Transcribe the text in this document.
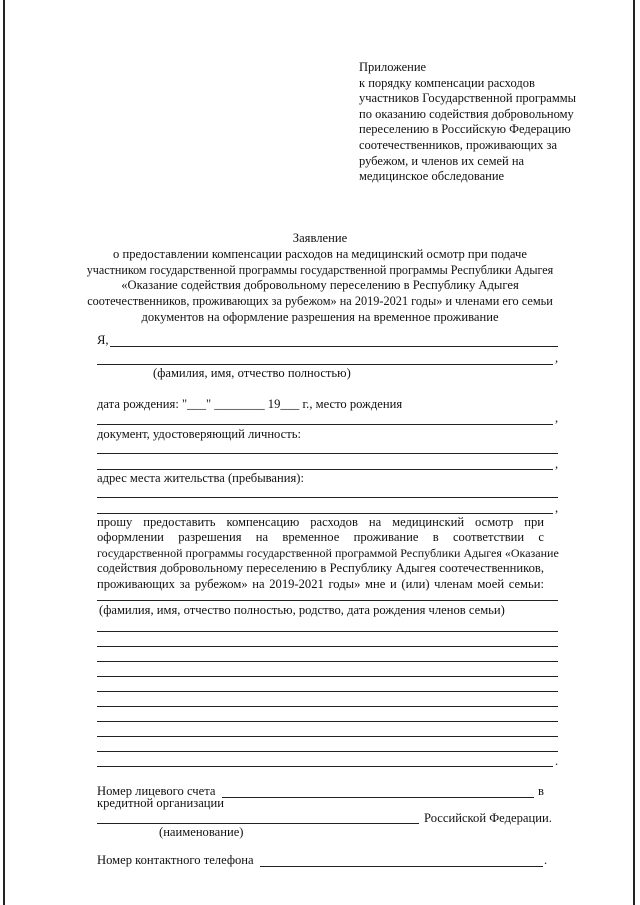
Приложение
к порядку компенсации расходов
участников Государственной программы
по оказанию содействия добровольному
переселению в Российскую Федерацию
соотечественников, проживающих за
рубежом, и членов их семей на
медицинское обследование
Заявление
о предоставлении компенсации расходов на медицинский осмотр при подаче
участником государственной программы государственной программы Республики Адыгея
«Оказание содействия добровольному переселению в Республику Адыгея
соотечественников, проживающих за рубежом» на 2019-2021 годы» и членами его семьи
документов на оформление разрешения на временное проживание
Я,
,
(фамилия, имя, отчество полностью)
дата рождения: "___" ________ 19___ г., место рождения
,
документ, удостоверяющий личность:
,
адрес места жительства (пребывания):
,
прошу предоставить компенсацию расходов на медицинский осмотр при
оформлении разрешения на временное проживание в соответствии с
государственной программы государственной программой Республики Адыгея «Оказание
содействия добровольному переселению в Республику Адыгея соотечественников,
проживающих за рубежом» на 2019-2021 годы» мне и (или) членам моей семьи:
(фамилия, имя, отчество полностью, родство, дата рождения членов семьи)
.
Номер лицевого счета	в
кредитной организации
Российской Федерации.
(наименование)
Номер контактного телефона	.
